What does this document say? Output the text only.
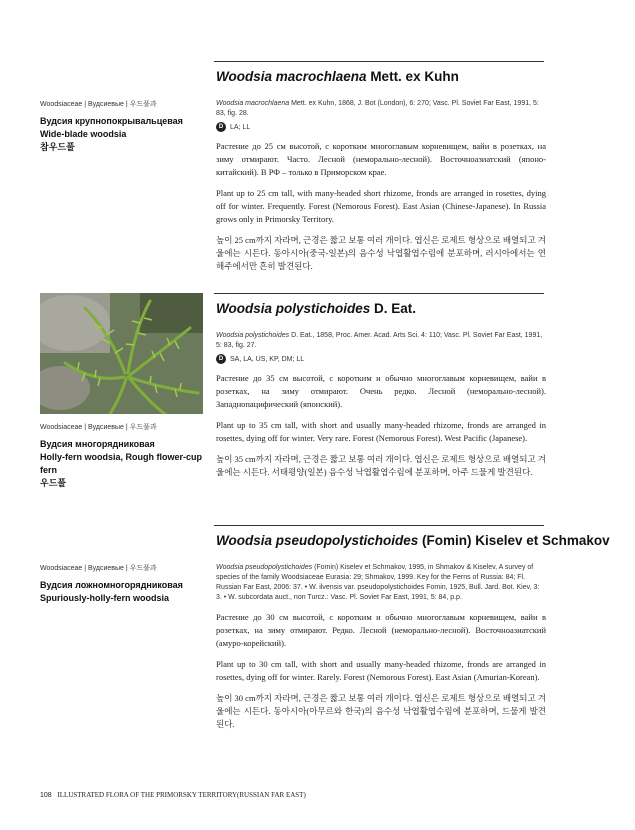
Woodsia macrochlaena Mett. ex Kuhn
Woodsiaceae | Вудсиевые | 우드풀과
Вудсия крупнопокрывальцевая
Wide-blade woodsia
참우드풀
Woodsia macrochlaena Mett. ex Kuhn, 1868, J. Bot (London), 6: 270; Vasc. Pl. Soviet Far East, 1991, 5: 83, fig. 28.
D LA; LL
Растение до 25 см высотой, с коротким многоглавым корневищем, вайи в розетках, на зиму отмирают. Часто. Лесной (неморально-лесной). Восточноазиатский (японо-китайский). В РФ – только в Приморском крае.
Plant up to 25 cm tall, with many-headed short rhizome, fronds are arranged in rosettes, dying off for winter. Frequently. Forest (Nemorous Forest). East Asian (Chinese-Japanese). In Russia grows only in Primorsky Territory.
높이 25 cm까지 자라며, 근경은 짧고 보통 여러 개이다. 엽신은 로제트 형상으로 배열되고 겨울에는 시든다. 동아시아(중국-일본)의 음수성 낙엽활엽수림에 분포하며, 러시아에서는 연해주에서만 흔히 발견된다.
Woodsia polystichoides D. Eat.
Woodsiaceae | Вудсиевые | 우드풀과
Вудсия многорядниковая
Holly-fern woodsia, Rough flower-cup fern
우드풀
Woodsia polystichoides D. Eat., 1858, Proc. Amer. Acad. Arts Sci. 4: 110; Vasc. Pl. Soviet Far East, 1991, 5: 83, fig. 27.
D SA, LA, US, KP, DM; LL
Растение до 35 см высотой, с коротким и обычно многоглавым корневищем, вайи в розетках, на зиму отмирают. Очень редко. Лесной (неморально-лесной). Западнопацифический (японский).
Plant up to 35 cm tall, with short and usually many-headed rhizome, fronds are arranged in rosettes, dying off for winter. Very rare. Forest (Nemorous Forest). West Pacific (Japanese).
높이 35 cm까지 자라며, 근경은 짧고 보통 여러 개이다. 엽신은 로제트 형상으로 배열되고 겨울에는 시든다. 서태평양(일본) 음수성 낙엽활엽수림에 분포하며, 아주 드물게 발견된다.
Woodsia pseudopolystichoides (Fomin) Kiselev et Schmakov
Woodsiaceae | Вудсиевые | 우드풀과
Вудсия ложномногорядниковая
Spuriously-holly-fern woodsia
Woodsia pseudopolystichoides (Fomin) Kiselev et Schmakov, 1995, in Shmakov & Kiselev, A survey of species of the family Woodsiaceae Eurasia: 29; Shmakov, 1999. Key for the Ferns of Russia: 84; Fl. Russian Far East, 2006: 37. • W. ilvensis var. pseudopolystichoides Fomin, 1925, Bull. Jard. Bot. Kiev, 3: 3. • W. subcordata auct., non Turcz.: Vasc. Pl. Soviet Far East, 1991, 5: 84, p.p.
Растение до 30 см высотой, с коротким и обычно многоглавым корневищем, вайи в розетках, на зиму отмирают. Редко. Лесной (неморально-лесной). Восточноазиатский (амуро-корейский).
Plant up to 30 cm tall, with short and usually many-headed rhizome, fronds are arranged in rosettes, dying off for winter. Rarely. Forest (Nemorous Forest). East Asian (Amurian-Korean).
높이 30 cm까지 자라며, 근경은 짧고 보통 여러 개이다. 엽신은 로제트 형상으로 배열되고 겨울에는 시든다. 동아시아(아무르와 한국)의 음수성 낙엽활엽수림에 분포하며, 드물게 발견된다.
108 ILLUSTRATED FLORA OF THE PRIMORSKY TERRITORY(RUSSIAN FAR EAST)
